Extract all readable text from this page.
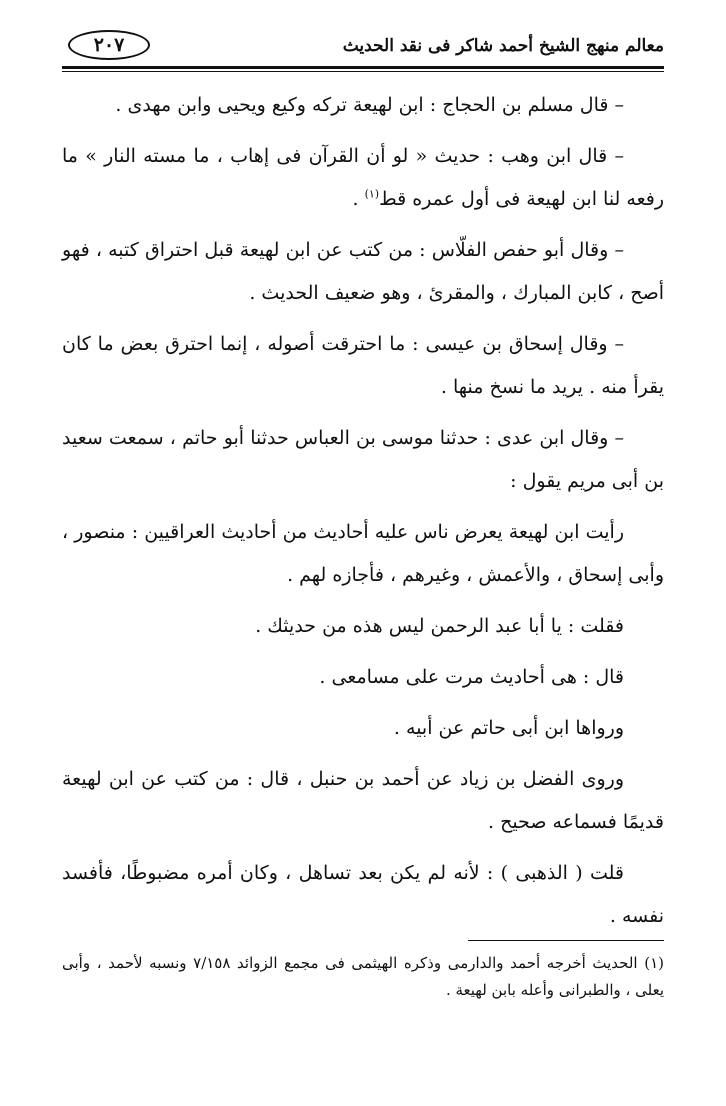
معالم منهج الشيخ أحمد شاكر فى نقد الحديث
٢٠٧

– قال مسلم بن الحجاج : ابن لهيعة تركه وكيع ويحيى وابن مهدى .

– قال ابن وهب : حديث « لو أن القرآن فى إهاب ، ما مسته النار » ما رفعه لنا ابن لهيعة فى أول عمره قط$^{(١)}$ .

– وقال أبو حفص الفلّاس : من كتب عن ابن لهيعة قبل احتراق كتبه ، فهو أصح ، كابن المبارك ، والمقرئ ، وهو ضعيف الحديث .

– وقال إسحاق بن عيسى : ما احترقت أصوله ، إنما احترق بعض ما كان يقرأ منه . يريد ما نسخ منها .

– وقال ابن عدى : حدثنا موسى بن العباس حدثنا أبو حاتم ، سمعت سعيد بن أبى مريم يقول :

رأيت ابن لهيعة يعرض ناس عليه أحاديث من أحاديث العراقيين : منصور ، وأبى إسحاق ، والأعمش ، وغيرهم ، فأجازه لهم .

فقلت : يا أبا عبد الرحمن ليس هذه من حديثك .

قال : هى أحاديث مرت على مسامعى .

ورواها ابن أبى حاتم عن أبيه .

وروى الفضل بن زياد عن أحمد بن حنبل ، قال : من كتب عن ابن لهيعة قديمًا فسماعه صحيح .

قلت ( الذهبى ) : لأنه لم يكن بعد تساهل ، وكان أمره مضبوطًا، فأفسد نفسه .

(١) الحديث أخرجه أحمد والدارمى وذكره الهيثمى فى مجمع الزوائد ٧/١٥٨ ونسبه لأحمد ، وأبى يعلى ، والطبرانى وأعله بابن لهيعة .
